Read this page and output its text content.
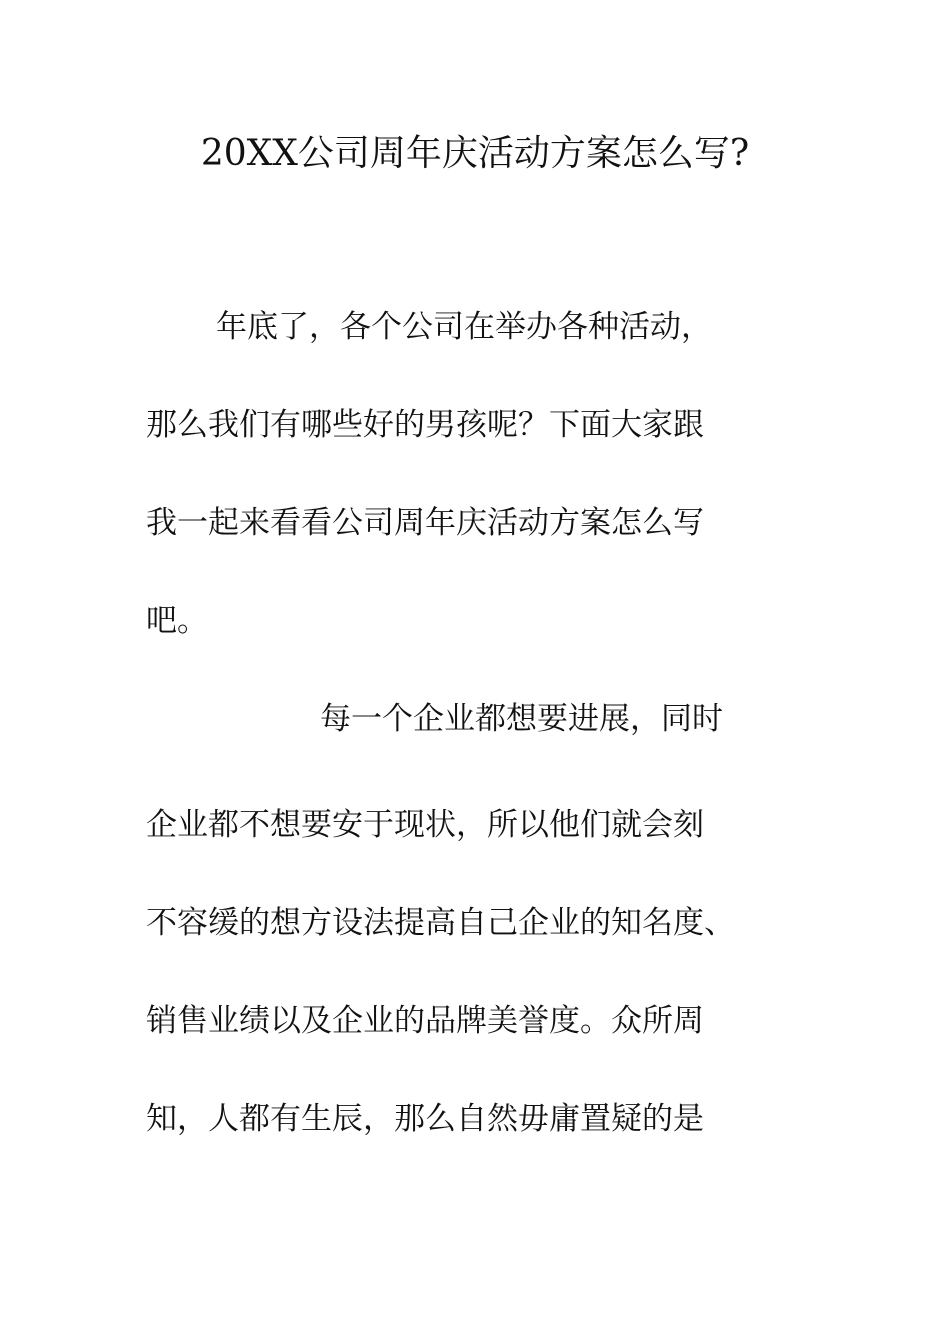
20XX公司周年庆活动方案怎么写?

年底了，各个公司在举办各种活动，

那么我们有哪些好的男孩呢？下面大家跟

我一起来看看公司周年庆活动方案怎么写

吧。

每一个企业都想要进展，同时

企业都不想要安于现状，所以他们就会刻

不容缓的想方设法提高自己企业的知名度、

销售业绩以及企业的品牌美誉度。众所周

知，人都有生辰，那么自然毋庸置疑的是
